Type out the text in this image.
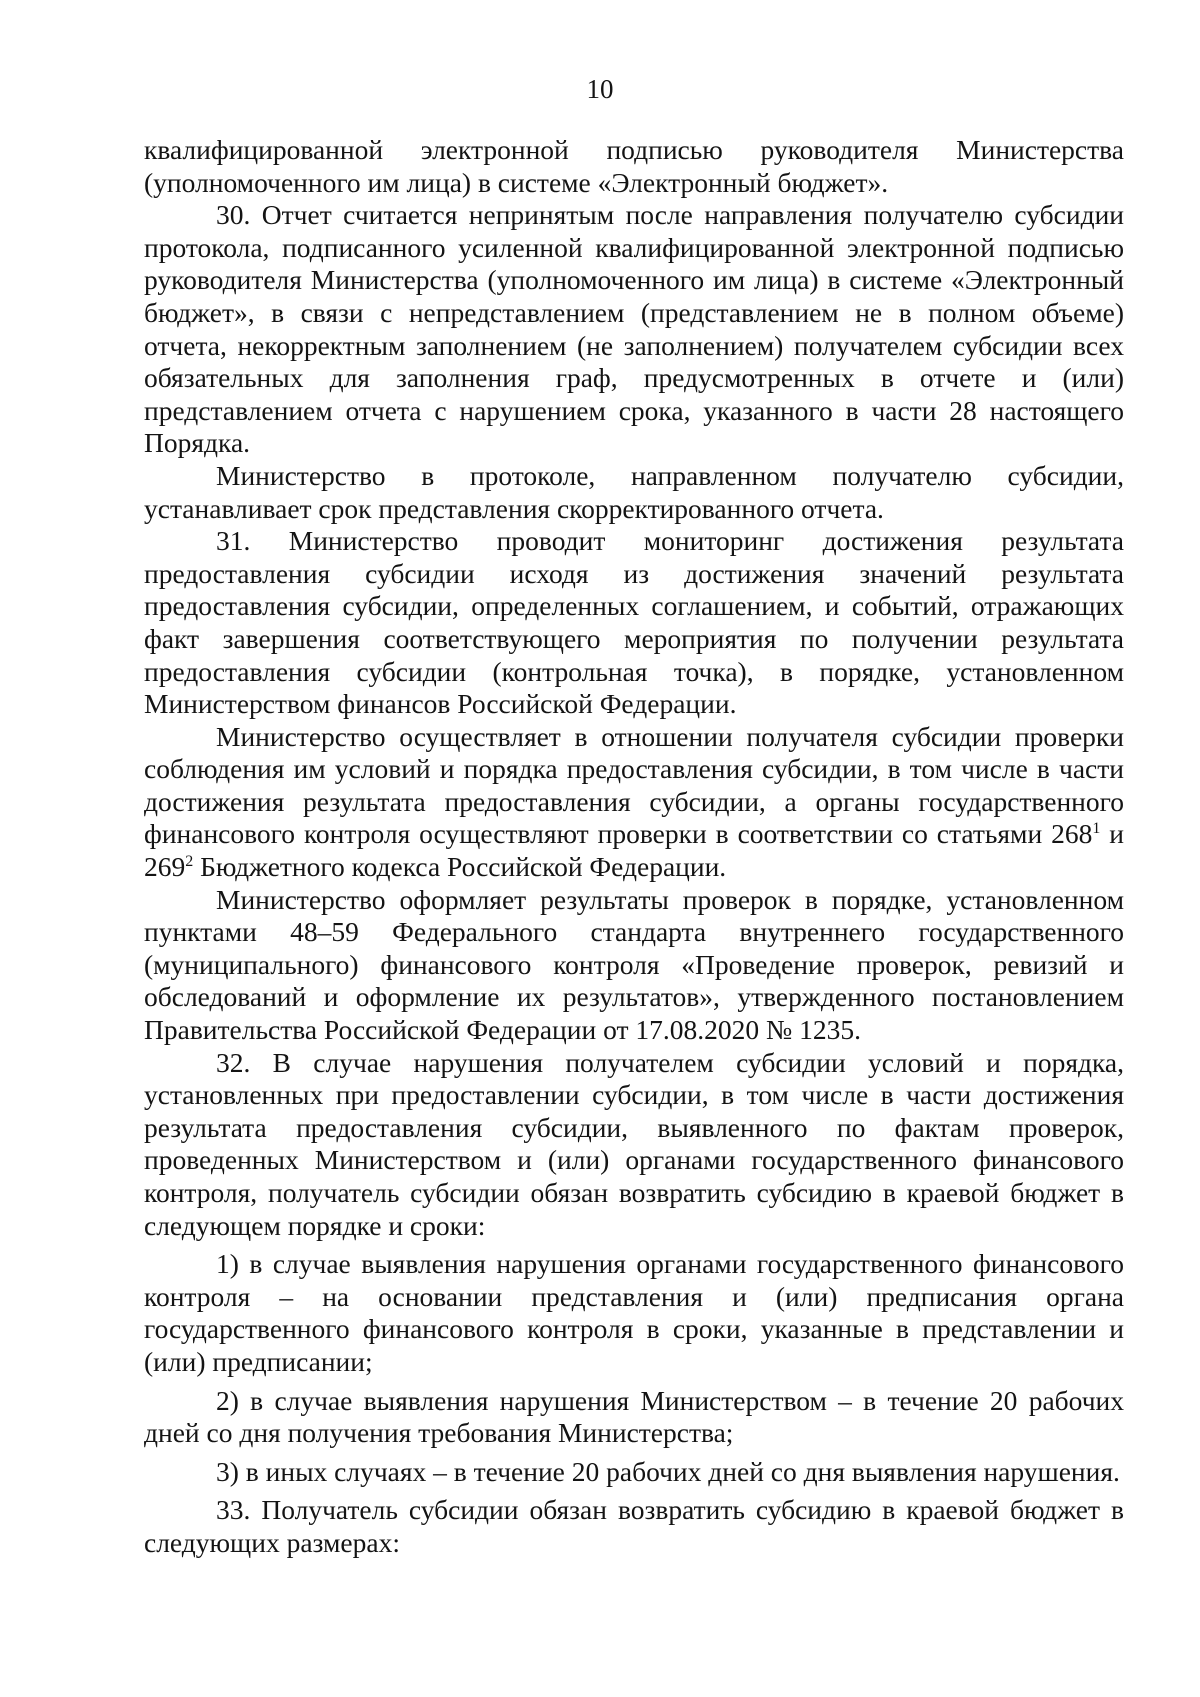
10

квалифицированной электронной подписью руководителя Министерства (уполномоченного им лица) в системе «Электронный бюджет».

30. Отчет считается непринятым после направления получателю субсидии протокола, подписанного усиленной квалифицированной электронной подписью руководителя Министерства (уполномоченного им лица) в системе «Электронный бюджет», в связи с непредставлением (представлением не в полном объеме) отчета, некорректным заполнением (не заполнением) получателем субсидии всех обязательных для заполнения граф, предусмотренных в отчете и (или) представлением отчета с нарушением срока, указанного в части 28 настоящего Порядка.

Министерство в протоколе, направленном получателю субсидии, устанавливает срок представления скорректированного отчета.

31. Министерство проводит мониторинг достижения результата предоставления субсидии исходя из достижения значений результата предоставления субсидии, определенных соглашением, и событий, отражающих факт завершения соответствующего мероприятия по получении результата предоставления субсидии (контрольная точка), в порядке, установленном Министерством финансов Российской Федерации.

Министерство осуществляет в отношении получателя субсидии проверки соблюдения им условий и порядка предоставления субсидии, в том числе в части достижения результата предоставления субсидии, а органы государственного финансового контроля осуществляют проверки в соответствии со статьями $268^1$ и $269^2$ Бюджетного кодекса Российской Федерации.

Министерство оформляет результаты проверок в порядке, установленном пунктами 48–59 Федерального стандарта внутреннего государственного (муниципального) финансового контроля «Проведение проверок, ревизий и обследований и оформление их результатов», утвержденного постановлением Правительства Российской Федерации от 17.08.2020 № 1235.

32. В случае нарушения получателем субсидии условий и порядка, установленных при предоставлении субсидии, в том числе в части достижения результата предоставления субсидии, выявленного по фактам проверок, проведенных Министерством и (или) органами государственного финансового контроля, получатель субсидии обязан возвратить субсидию в краевой бюджет в следующем порядке и сроки:

1) в случае выявления нарушения органами государственного финансового контроля – на основании представления и (или) предписания органа государственного финансового контроля в сроки, указанные в представлении и (или) предписании;

2) в случае выявления нарушения Министерством – в течение 20 рабочих дней со дня получения требования Министерства;

3) в иных случаях – в течение 20 рабочих дней со дня выявления нарушения.

33. Получатель субсидии обязан возвратить субсидию в краевой бюджет в следующих размерах:
